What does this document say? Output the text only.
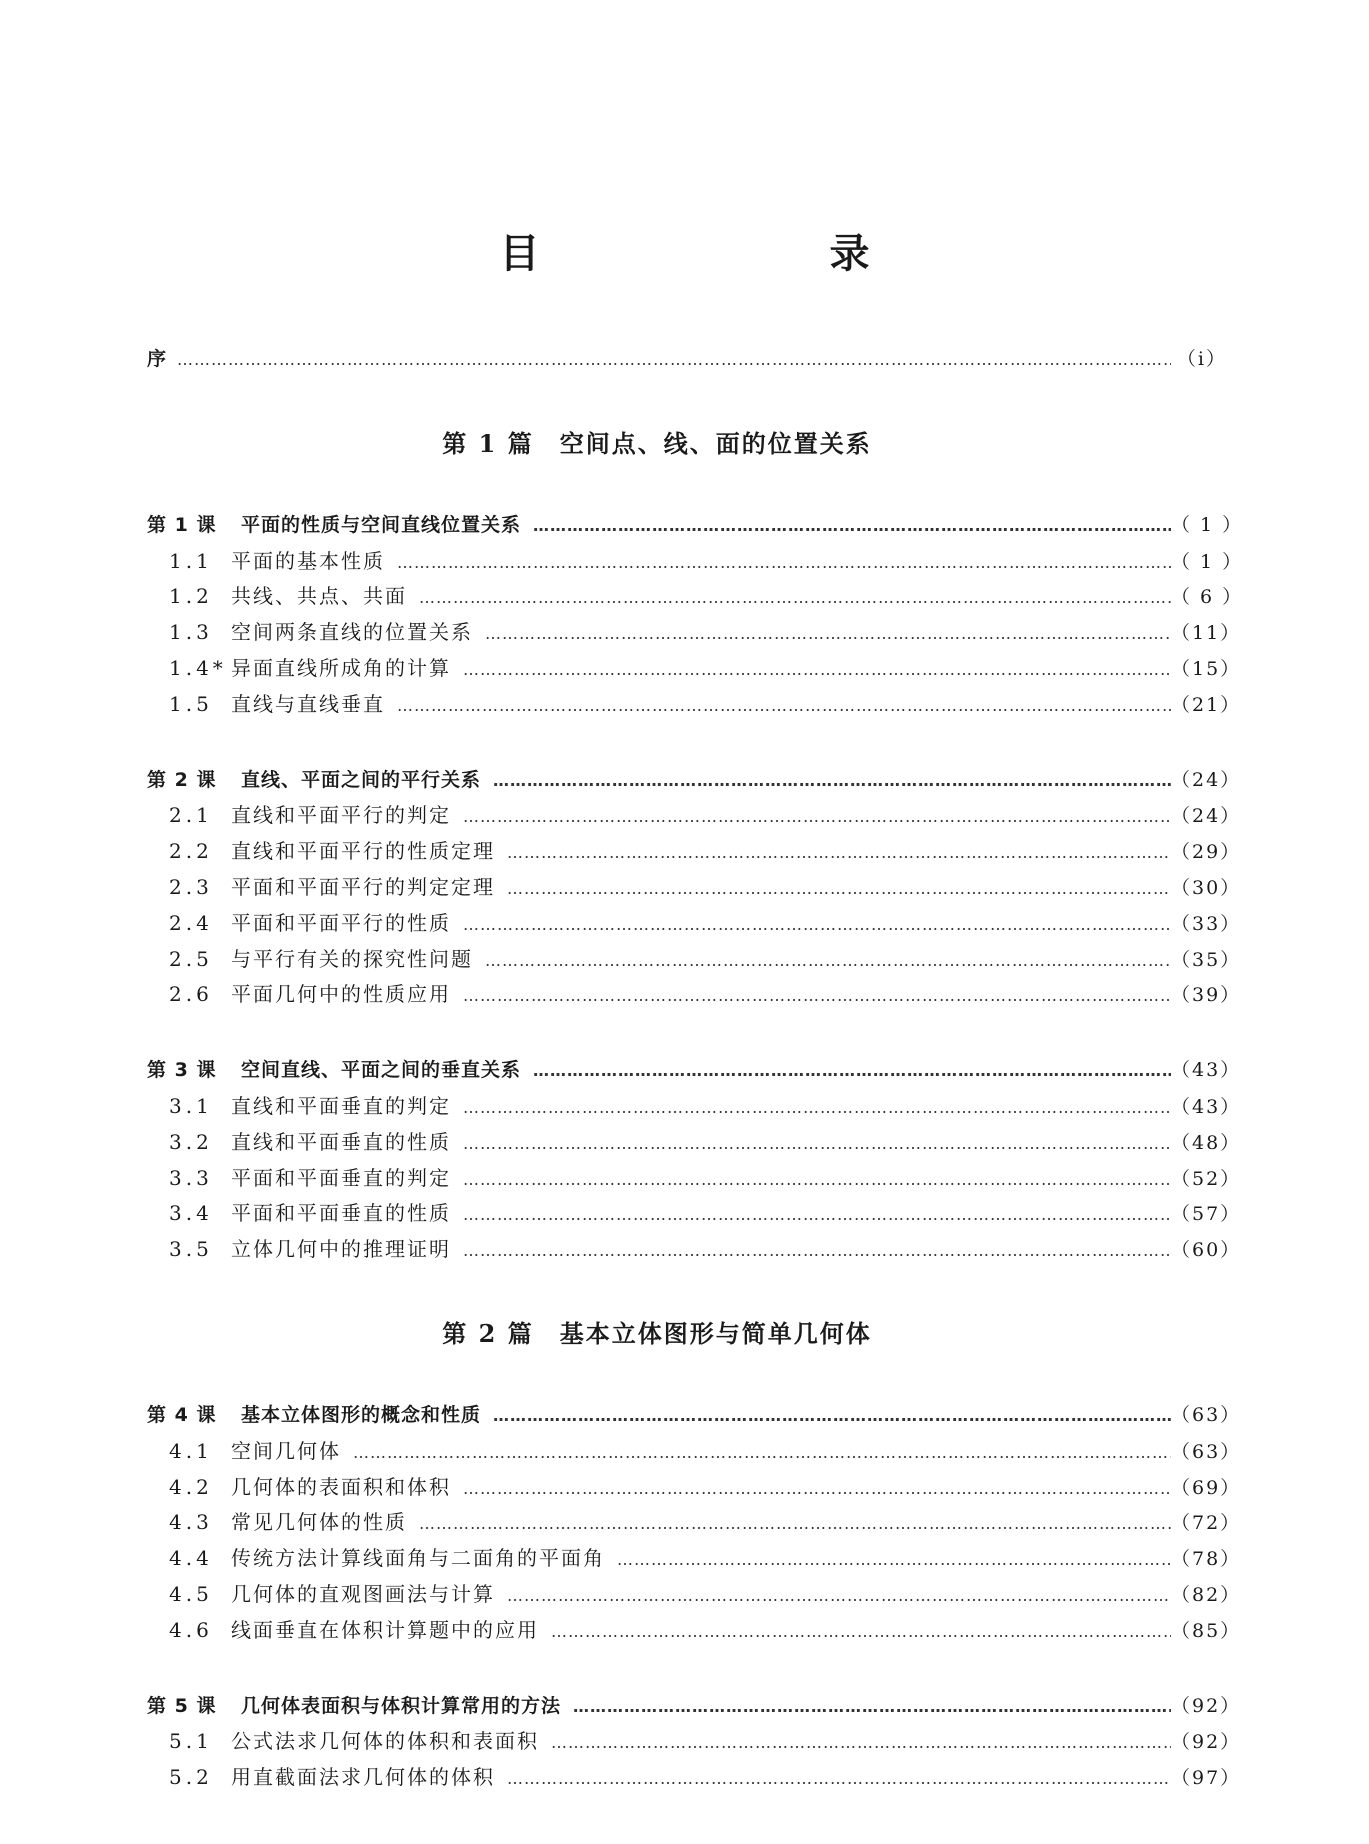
目　　录
序 ……………………………………………………………………………………………………………………………………………………………………………………………………	（ⅰ）
第 1 篇　空间点、线、面的位置关系
第 1 课	平面的性质与空间直线位置关系 ……………………………………………………………………………………………………………………………………………………………………………………………………	（ 1 ）
1.1 平面的基本性质 ……………………………………………………………………………………………………………………………………………………………………………………………………	（ 1 ）
1.2 共线、共点、共面 ……………………………………………………………………………………………………………………………………………………………………………………………………	（ 6 ）
1.3 空间两条直线的位置关系 ……………………………………………………………………………………………………………………………………………………………………………………………………	（11）
1.4* 异面直线所成角的计算 ……………………………………………………………………………………………………………………………………………………………………………………………………	（15）
1.5 直线与直线垂直 ……………………………………………………………………………………………………………………………………………………………………………………………………	（21）
第 2 课	直线、平面之间的平行关系 ……………………………………………………………………………………………………………………………………………………………………………………………………	（24）
2.1 直线和平面平行的判定 ……………………………………………………………………………………………………………………………………………………………………………………………………	（24）
2.2 直线和平面平行的性质定理 ……………………………………………………………………………………………………………………………………………………………………………………………………	（29）
2.3 平面和平面平行的判定定理 ……………………………………………………………………………………………………………………………………………………………………………………………………	（30）
2.4 平面和平面平行的性质 ……………………………………………………………………………………………………………………………………………………………………………………………………	（33）
2.5 与平行有关的探究性问题 ……………………………………………………………………………………………………………………………………………………………………………………………………	（35）
2.6 平面几何中的性质应用 ……………………………………………………………………………………………………………………………………………………………………………………………………	（39）
第 3 课	空间直线、平面之间的垂直关系 ……………………………………………………………………………………………………………………………………………………………………………………………………	（43）
3.1 直线和平面垂直的判定 ……………………………………………………………………………………………………………………………………………………………………………………………………	（43）
3.2 直线和平面垂直的性质 ……………………………………………………………………………………………………………………………………………………………………………………………………	（48）
3.3 平面和平面垂直的判定 ……………………………………………………………………………………………………………………………………………………………………………………………………	（52）
3.4 平面和平面垂直的性质 ……………………………………………………………………………………………………………………………………………………………………………………………………	（57）
3.5 立体几何中的推理证明 ……………………………………………………………………………………………………………………………………………………………………………………………………	（60）
第 2 篇　基本立体图形与简单几何体
第 4 课	基本立体图形的概念和性质 ……………………………………………………………………………………………………………………………………………………………………………………………………	（63）
4.1 空间几何体 ……………………………………………………………………………………………………………………………………………………………………………………………………	（63）
4.2 几何体的表面积和体积 ……………………………………………………………………………………………………………………………………………………………………………………………………	（69）
4.3 常见几何体的性质 ……………………………………………………………………………………………………………………………………………………………………………………………………	（72）
4.4 传统方法计算线面角与二面角的平面角 ……………………………………………………………………………………………………………………………………………………………………………………………………	（78）
4.5 几何体的直观图画法与计算 ……………………………………………………………………………………………………………………………………………………………………………………………………	（82）
4.6 线面垂直在体积计算题中的应用 ……………………………………………………………………………………………………………………………………………………………………………………………………	（85）
第 5 课	几何体表面积与体积计算常用的方法 ……………………………………………………………………………………………………………………………………………………………………………………………………	（92）
5.1 公式法求几何体的体积和表面积 ……………………………………………………………………………………………………………………………………………………………………………………………………	（92）
5.2 用直截面法求几何体的体积 ……………………………………………………………………………………………………………………………………………………………………………………………………	（97）
